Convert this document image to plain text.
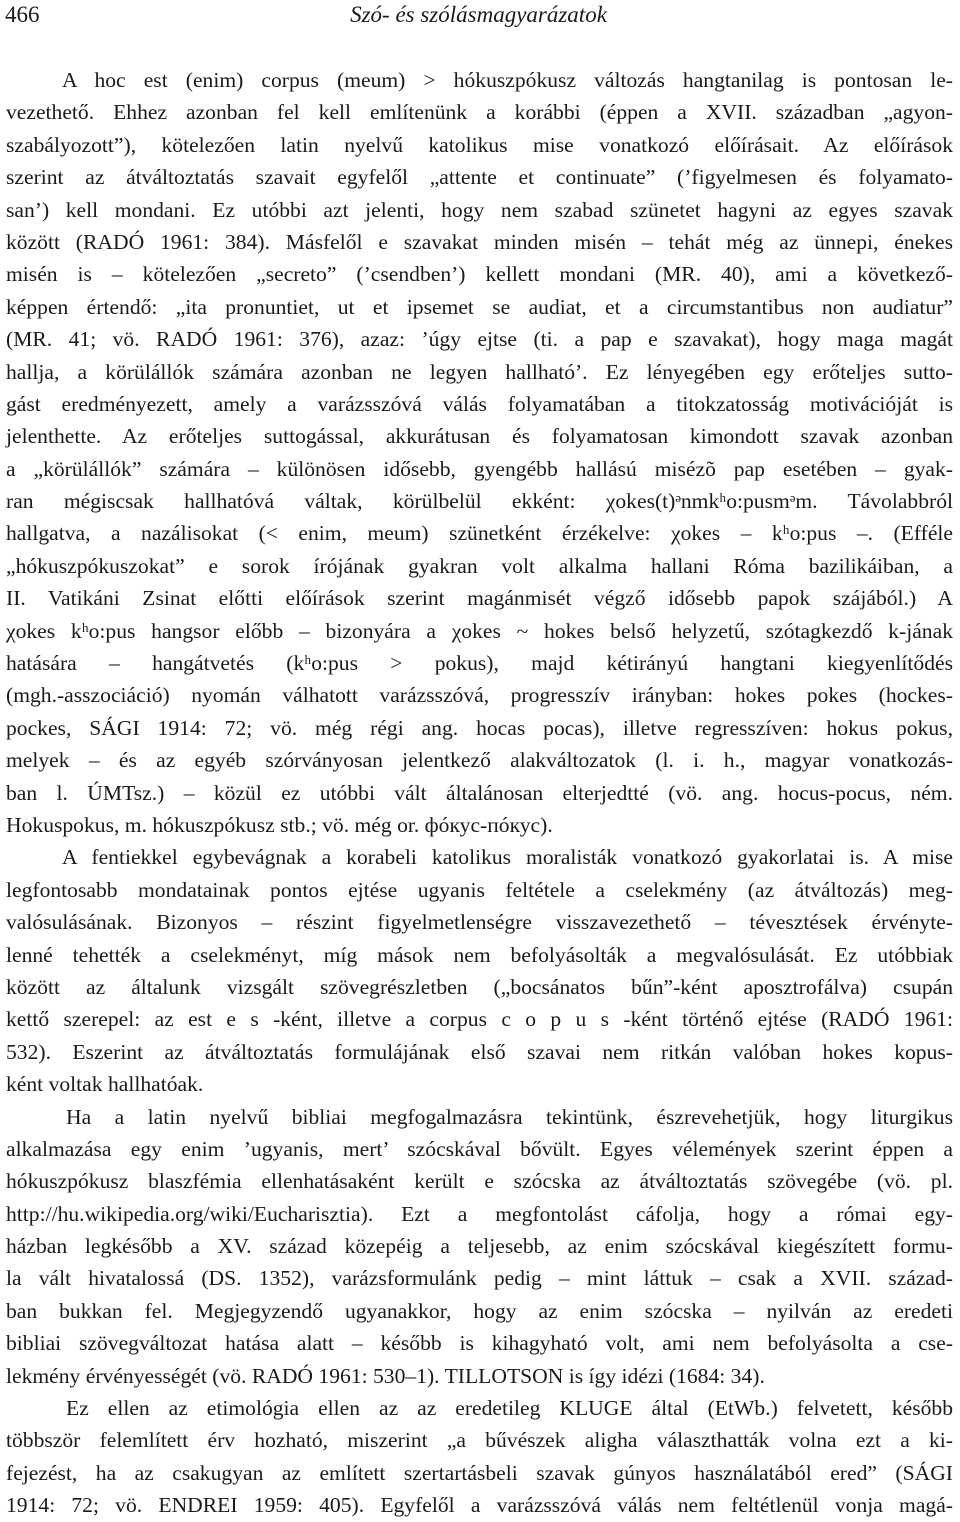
466	Szó- és szólásmagyarázatok
A hoc est (enim) corpus (meum) > hókuszpókusz változás hangtanilag is pontosan le-
vezethető. Ehhez azonban fel kell említenünk a korábbi (éppen a XVII. században „agyon-
szabályozott”), kötelezően latin nyelvű katolikus mise vonatkozó előírásait. Az előírások
szerint az átváltoztatás szavait egyfelől „attente et continuate” (’figyelmesen és folyamato-
san’) kell mondani. Ez utóbbi azt jelenti, hogy nem szabad szünetet hagyni az egyes szavak
között (RADÓ 1961: 384). Másfelől e szavakat minden misén – tehát még az ünnepi, énekes
misén is – kötelezően „secreto” (’csendben’) kellett mondani (MR. 40), ami a következő-
képpen értendő: „ita pronuntiet, ut et ipsemet se audiat, et a circumstantibus non audiatur”
(MR. 41; vö. RADÓ 1961: 376), azaz: ’úgy ejtse (ti. a pap e szavakat), hogy maga magát
hallja, a körülállók számára azonban ne legyen hallható’. Ez lényegében egy erőteljes suttо-
gást eredményezett, amely a varázsszóvá válás folyamatában a titokzatosság motivációját is
jelenthette. Az erőteljes suttogással, akkurátusan és folyamatosan kimondott szavak azonban
a „körülállók” számára – különösen idősebb, gyengébb hallású misézõ pap esetében – gyak-
ran mégiscsak hallhatóvá váltak, körülbelül ekként: χokes(t)ᵊnmkʰo:pusmᵊm. Távolabbról
hallgatva, a nazálisokat (< enim, meum) szünetként érzékelve: χokes – kʰo:pus –. (Efféle
„hókuszpókuszokat” e sorok írójának gyakran volt alkalma hallani Róma bazilikáiban, a
II. Vatikáni Zsinat előtti előírások szerint magánmisét végző idősebb papok szájából.) A
χokes kʰo:pus hangsor előbb – bizonyára a χokes ~ hokes belső helyzetű, szótagkezdő k-jának
hatására – hangátvetés (kʰo:pus > pokus), majd kétirányú hangtani kiegyenlítődés
(mgh.-asszociáció) nyomán válhatott varázsszóvá, progresszív irányban: hokes pokes (hockes-
pockes, SÁGI 1914: 72; vö. még régi ang. hocas pocas), illetve regresszíven: hokus pokus,
melyek – és az egyéb szórványosan jelentkező alakváltozatok (l. i. h., magyar vonatkozás-
ban l. ÚMTsz.) – közül ez utóbbi vált általánosan elterjedtté (vö. ang. hocus-pocus, ném.
Hokuspokus, m. hókuszpókusz stb.; vö. még or. фóкус-пóкус).
A fentiekkel egybevágnak a korabeli katolikus moralisták vonatkozó gyakorlatai is. A mise
legfontosabb mondatainak pontos ejtése ugyanis feltétele a cselekmény (az átváltozás) meg-
valósulásának. Bizonyos – részint figyelmetlenségre visszavezethető – tévesztések érvénytе-
lenné tehették a cselekményt, míg mások nem befolyásolták a megvalósulását. Ez utóbbiak
között az általunk vizsgált szövegrészletben („bocsánatos bűn”-ként aposztrofálva) csupán
kettő szerepel: az est e s -ként, illetve a corpus c o p u s -ként történő ejtése (RADÓ 1961:
532). Eszerint az átváltoztatás formulájának első szavai nem ritkán valóban hokes kopus-
ként voltak hallhatóak.
Ha a latin nyelvű bibliai megfogalmazásra tekintünk, észrevehetjük, hogy liturgikus
alkalmazása egy enim ’ugyanis, mert’ szócskával bővült. Egyes vélemények szerint éppen a
hókuszpókusz blaszfémia ellenhatásaként került e szócska az átváltoztatás szövegébe (vö. pl.
http://hu.wikipedia.org/wiki/Eucharisztia). Ezt a megfontolást cáfolja, hogy a római egy-
házban legkésőbb a XV. század közepéig a teljesebb, az enim szócskával kiegészített formu-
la vált hivatalossá (DS. 1352), varázsformulánk pedig – mint láttuk – csak a XVII. század-
ban bukkan fel. Megjegyzendő ugyanakkor, hogy az enim szócska – nyilván az eredeti
bibliai szövegváltozat hatása alatt – később is kihagyható volt, ami nem befolyásolta a cse-
lekmény érvényességét (vö. RADÓ 1961: 530–1). TILLOTSON is így idézi (1684: 34).
Ez ellen az etimológia ellen az az eredetileg KLUGE által (EtWb.) felvetett, később
többször felemlített érv hozható, miszerint „a bűvészek aligha választhatták volna ezt a ki-
fejezést, ha az csakugyan az említett szertartásbeli szavak gúnyos használatából ered” (SÁGI
1914: 72; vö. ENDREI 1959: 405). Egyfelől a varázsszóvá válás nem feltétlenül vonja magá-
